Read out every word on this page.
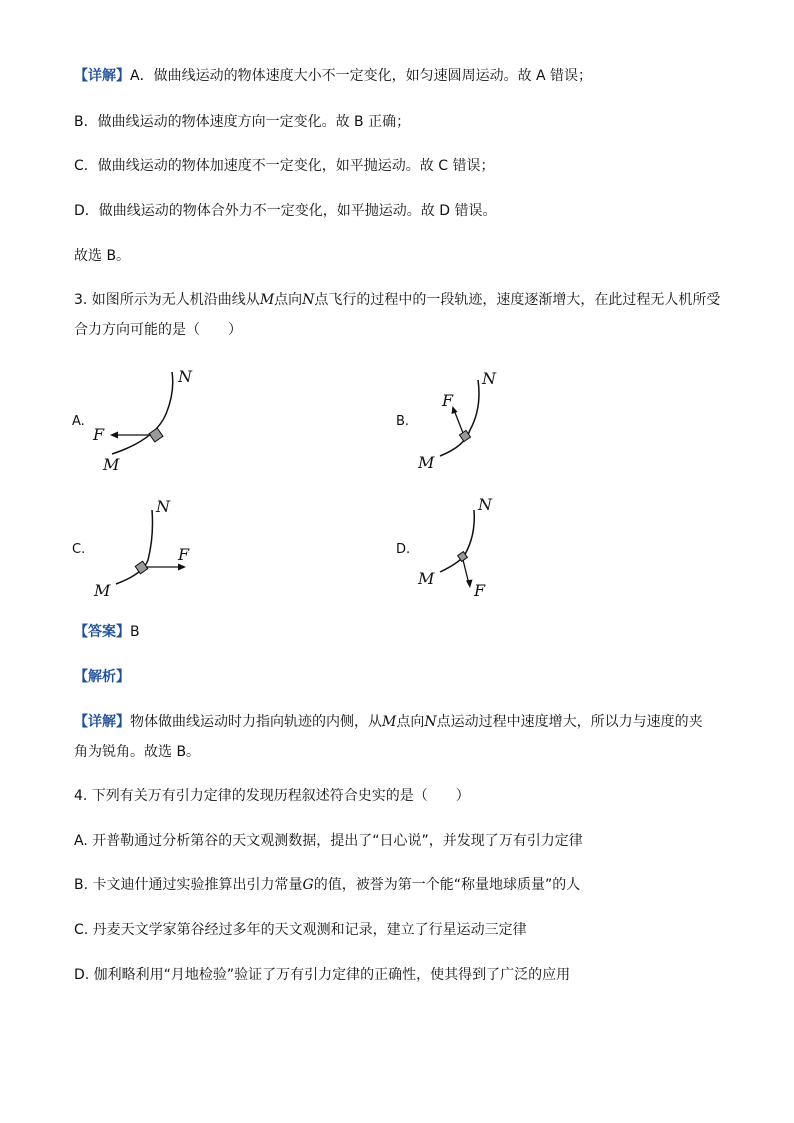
【详解】A．做曲线运动的物体速度大小不一定变化，如匀速圆周运动。故 A 错误；
B．做曲线运动的物体速度方向一定变化。故 B 正确；
C．做曲线运动的物体加速度不一定变化，如平抛运动。故 C 错误；
D．做曲线运动的物体合外力不一定变化，如平抛运动。故 D 错误。
故选 B。
3. 如图所示为无人机沿曲线从M点向N点飞行的过程中的一段轨迹，速度逐渐增大，在此过程无人机所受
合力方向可能的是（　　）
A.
N
F
M
B.
N
F
M
C.
N
F
M
D.
N
F
M
【答案】B
【解析】
【详解】物体做曲线运动时力指向轨迹的内侧，从M点向N点运动过程中速度增大，所以力与速度的夹
角为锐角。故选 B。
4. 下列有关万有引力定律的发现历程叙述符合史实的是（　　）
A. 开普勒通过分析第谷的天文观测数据，提出了“日心说”，并发现了万有引力定律
B. 卡文迪什通过实验推算出引力常量G的值，被誉为第一个能“称量地球质量”的人
C. 丹麦天文学家第谷经过多年的天文观测和记录，建立了行星运动三定律
D. 伽利略利用“月地检验”验证了万有引力定律的正确性，使其得到了广泛的应用
